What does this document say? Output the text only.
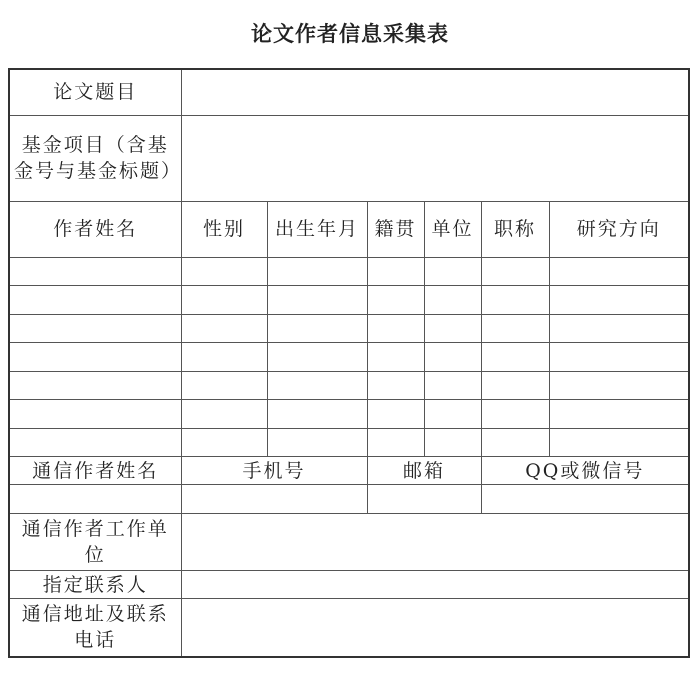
论文作者信息采集表
论文题目						
基金项目（含基金号与基金标题）						
作者姓名	性别	出生年月	籍贯	单位	职称	研究方向

通信作者姓名	手机号		邮箱		QQ或微信号	

通信作者工作单位						
指定联系人						
通信地址及联系电话						
